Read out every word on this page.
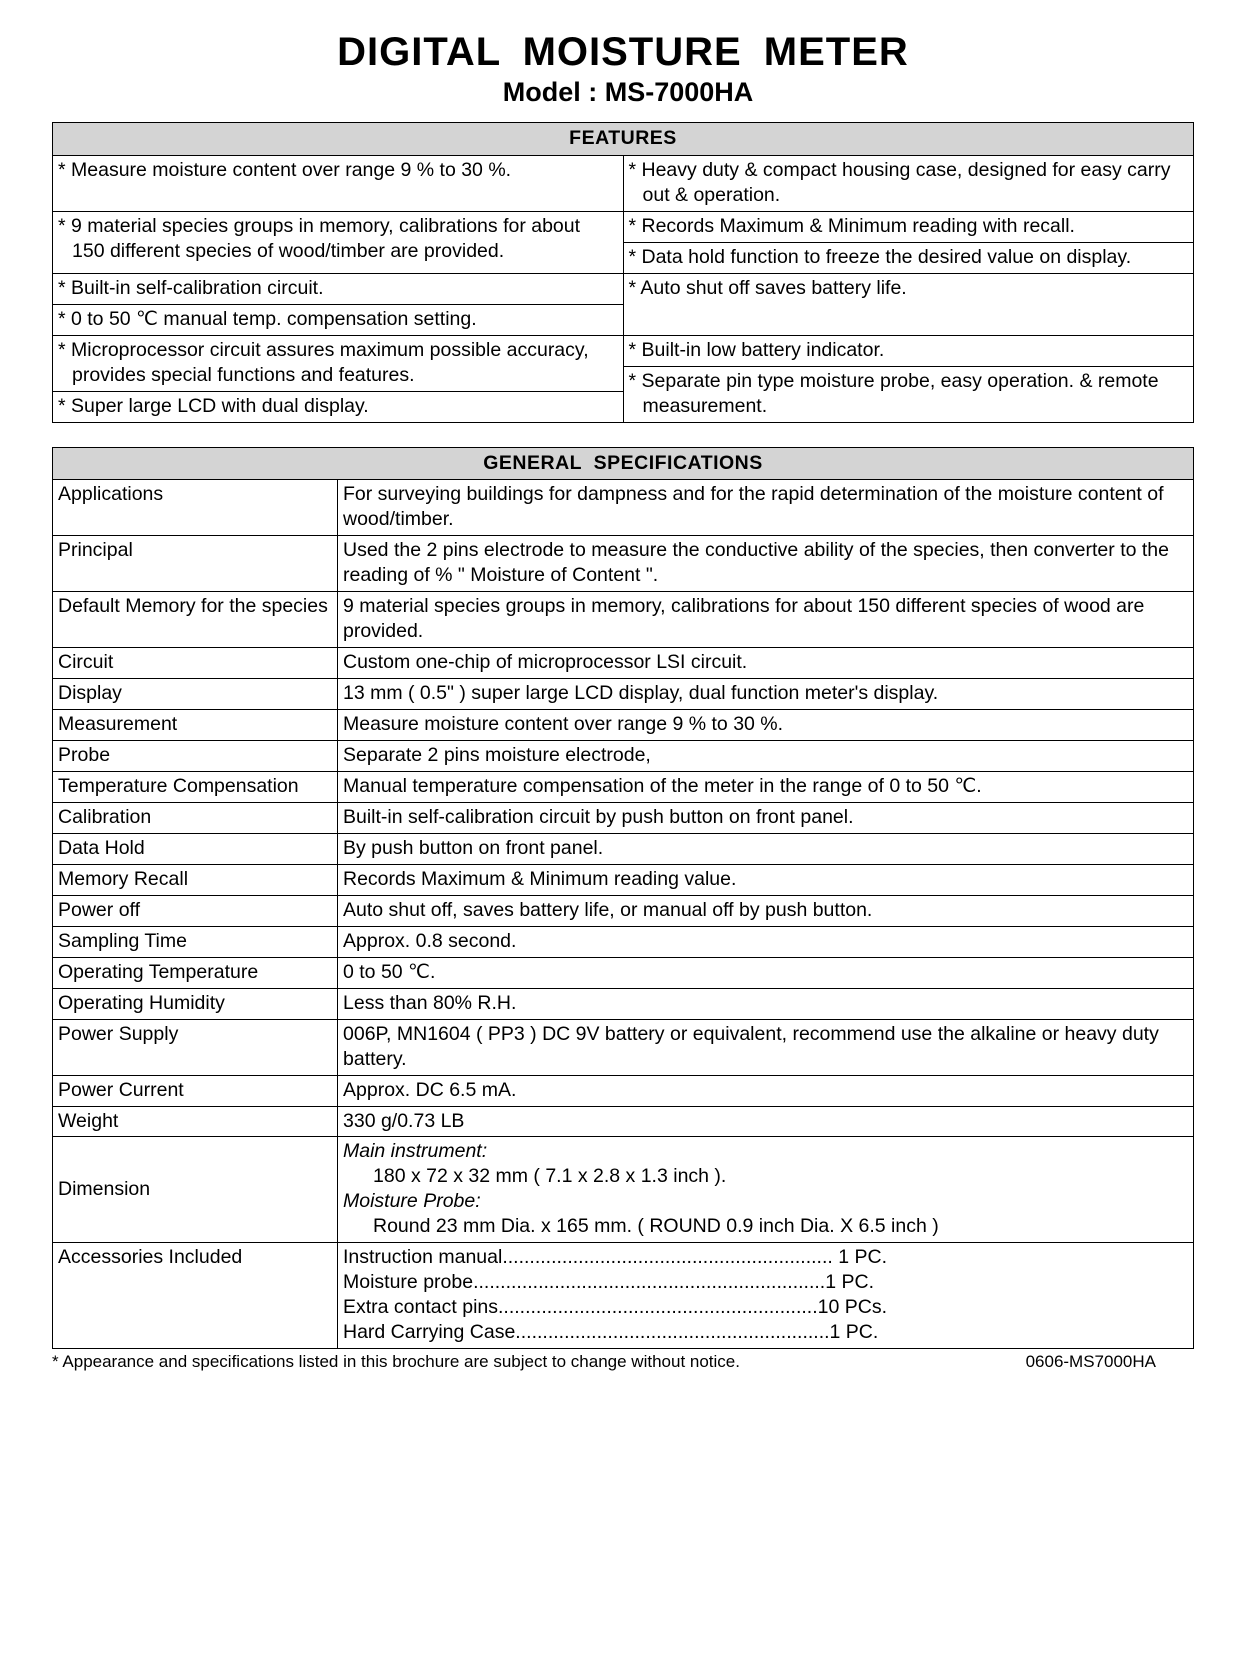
DIGITAL MOISTURE METER
Model : MS-7000HA
FEATURES	

* Measure moisture content over range 9 % to 30 %.	* Heavy duty & compact housing case, designed for easy carry out & operation.

* 9 material species groups in memory, calibrations for about 150 different species of wood/timber are provided.	* Records Maximum & Minimum reading with recall.

	* Data hold function to freeze the desired value on display.

* Built-in self-calibration circuit.	* Auto shut off saves battery life.

* 0 to 50 ℃ manual temp. compensation setting.	

* Microprocessor circuit assures maximum possible accuracy, provides special functions and features.	* Built-in low battery indicator.

	* Separate pin type moisture probe, easy operation. & remote measurement.

* Super large LCD with dual display.	

GENERAL SPECIFICATIONS	
Applications	For surveying buildings for dampness and for the rapid determination of the moisture content of wood/timber.
Principal	Used the 2 pins electrode to measure the conductive ability of the species, then converter to the reading of % " Moisture of Content ".
Default Memory for the species	9 material species groups in memory, calibrations for about 150 different species of wood are provided.
Circuit	Custom one-chip of microprocessor LSI circuit.
Display	13 mm ( 0.5" ) super large LCD display, dual function meter's display.
Measurement	Measure moisture content over range 9 % to 30 %.
Probe	Separate 2 pins moisture electrode,
Temperature Compensation	Manual temperature compensation of the meter in the range of 0 to 50 ℃.
Calibration	Built-in self-calibration circuit by push button on front panel.
Data Hold	By push button on front panel.
Memory Recall	Records Maximum & Minimum reading value.
Power off	Auto shut off, saves battery life, or manual off by push button.
Sampling Time	Approx. 0.8 second.
Operating Temperature	0 to 50 ℃.
Operating Humidity	Less than 80% R.H.
Power Supply	006P, MN1604 ( PP3 ) DC 9V battery or equivalent, recommend use the alkaline or heavy duty battery.
Power Current	Approx. DC 6.5 mA.
Weight	330 g/0.73 LB
Dimension	Main instrument:

180 x 72 x 32 mm ( 7.1 x 2.8 x 1.3 inch ).

Moisture Probe:

Round 23 mm Dia. x 165 mm. ( ROUND 0.9 inch Dia. X 6.5 inch )

Accessories Included	Instruction manual............................................................. 1 PC.

Moisture probe.................................................................1 PC.

Extra contact pins...........................................................10 PCs.

Hard Carrying Case..........................................................1 PC.

* Appearance and specifications listed in this brochure are subject to change without notice.	0606-MS7000HA
